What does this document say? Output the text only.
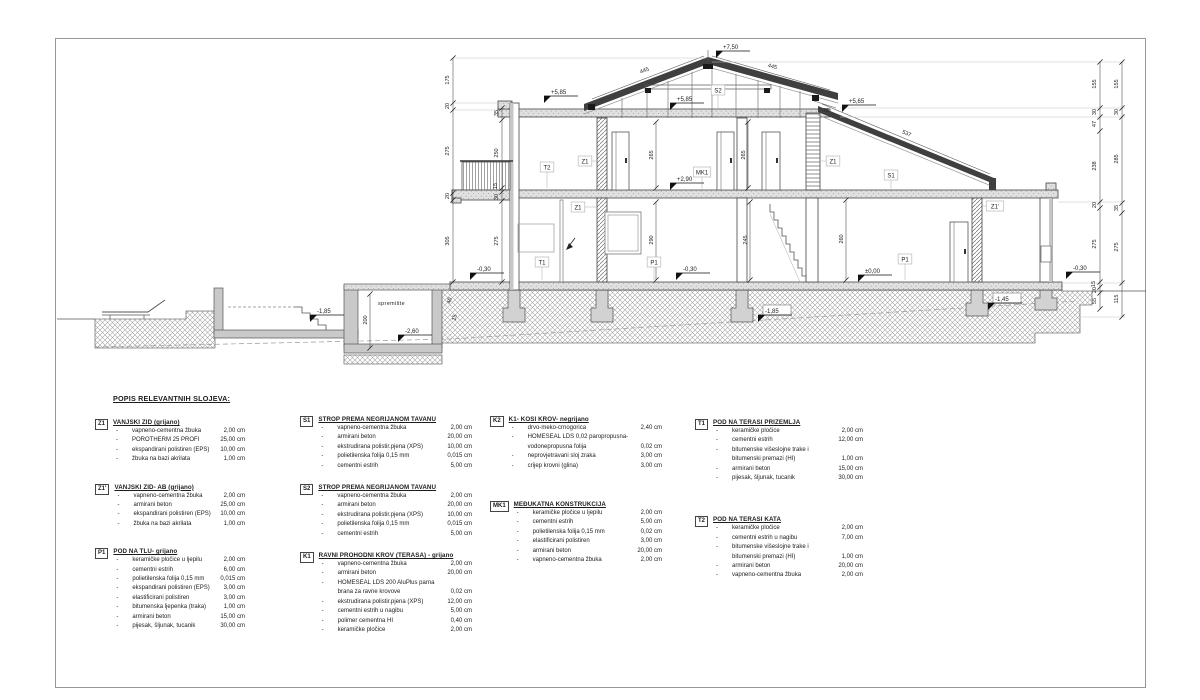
175
20
275
20
305
35
250
15
30
275
155
30
47
238
20
275
15
20
55
155
30
285
35
275
115
265	265
290	245	260
200
445	445
537
78
40
15
Z1
Z1
Z1
Z1'
T2
T1	P1	P1
MK1	S1
S2
+7,50
+5,85
+5,85	+5,65
+2,90
±0,00
-0,30	-0,30	-0,30
-1,85	-1,85
-1,45
-2,60
spremište
POPIS RELEVANTNIH SLOJEVA:
Z1	VANJSKI ZID (grijano)
-	vapneno-cementna žbuka	2,00 cm
-	POROTHERM 25 PROFI	25,00 cm
-	ekspandirani polistiren (EPS)	10,00 cm
-	žbuka na bazi akrilata	1,00 cm
Z1'	VANJSKI ZID- AB (grijano)
-	vapneno-cementna žbuka	2,00 cm
-	armirani beton	25,00 cm
-	ekspandirani polistiren (EPS)	10,00 cm
-	žbuka na bazi akrilata	1,00 cm
P1	POD NA TLU- grijano
-	keramičke pločice u ljepilu	2,00 cm
-	cementni estrih	6,00 cm
-	polietilenska folija 0,15 mm	0,015 cm
-	ekspandirani polistiren (EPS)	3,00 cm
-	elastificirani polistiren	3,00 cm
-	bitumenska ljepenka (traka)	1,00 cm
-	armirani beton	15,00 cm
-	pijesak, šljunak, tucanik	30,00 cm
S1	STROP PREMA NEGRIJANOM TAVANU
-	vapneno-cementna žbuka	2,00 cm
-	armirani beton	20,00 cm
-	ekstrudirana polistir.pjena (XPS)	10,00 cm
-	polietilenska folija 0,15 mm	0,015 cm
-	cementni estrih	5,00 cm
S2	STROP PREMA NEGRIJANOM TAVANU
-	vapneno-cementna žbuka	2,00 cm
-	armirani beton	20,00 cm
-	ekstrudirana polistir.pjena (XPS)	10,00 cm
-	polietilenska folija 0,15 mm	0,015 cm
-	cementni estrih	5,00 cm
K1	RAVNI PROHODNI KROV (TERASA) - grijano
-	vapneno-cementna žbuka	2,00 cm
-	armirani beton	20,00 cm
-	HOMESEAL LDS 200 AluPlus parna brana za ravne krovove	0,02 cm
-	ekstrudirana polistir.pjena (XPS)	12,00 cm
-	cementni estrih u nagibu	5,00 cm
-	polimer cementna HI	0,40 cm
-	keramičke pločice	2,00 cm
K2	K1- KOSI KROV- negrijano
-	drvo-meko-crnogorica	2,40 cm
-	HOMESEAL LDS 0,02 paropropusna-vodonepropusna folija	0,02 cm
-	neprovjetravani sloj zraka	3,00 cm
-	crijep krovni (glina)	3,00 cm
MK1	MEĐUKATNA KONSTRUKCIJA
-	keramičke pločice u ljepilu	2,00 cm
-	cementni estrih	5,00 cm
-	polietilenska folija 0,15 mm	0,02 cm
-	elastificirani polistiren	3,00 cm
-	armirani beton	20,00 cm
-	vapneno-cementna žbuka	2,00 cm
T1	POD NA TERASI PRIZEMLJA
-	keramičke pločice	2,00 cm
-	cementni estrih	12,00 cm
-	bitumenske višeslojne trake i bitumenski premazi (HI)	1,00 cm
-	armirani beton	15,00 cm
-	pijesak, šljunak, tucanik	30,00 cm
T2	POD NA TERASI KATA
-	keramičke pločice	2,00 cm
-	cementni estrih u nagibu	7,00 cm
-	bitumenske višeslojne trake i bitumenski premazi (HI)	1,00 cm
-	armirani beton	20,00 cm
-	vapneno-cementna žbuka	2,00 cm
